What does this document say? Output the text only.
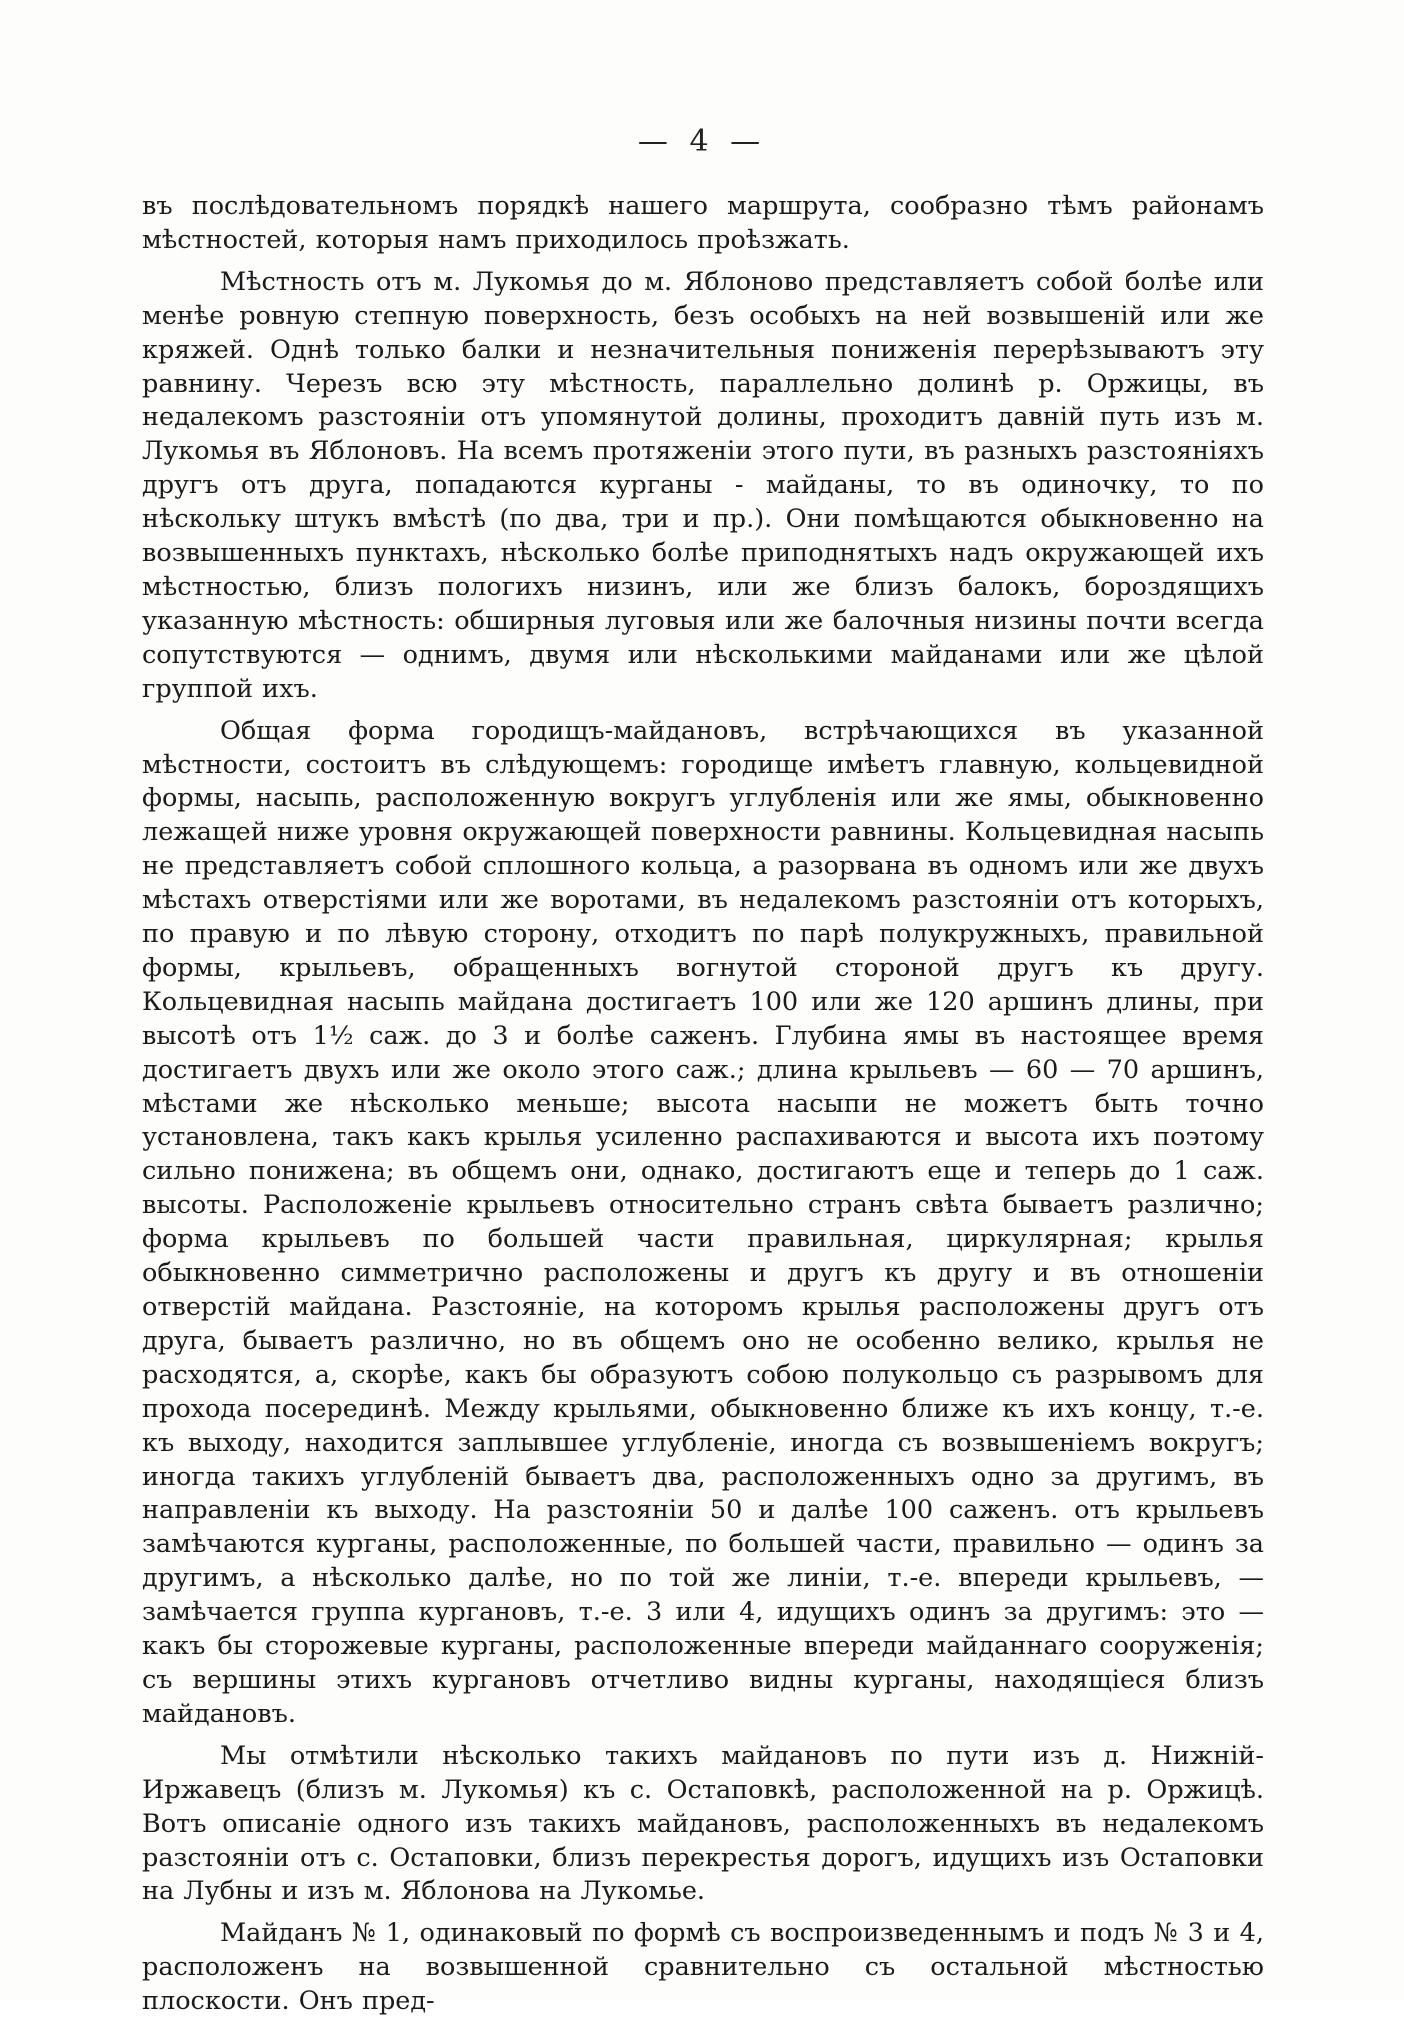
— 4 —

въ послѣдовательномъ порядкѣ нашего маршрута, сообразно тѣмъ районамъ мѣстностей, которыя намъ приходилось проѣзжать.

Мѣстность отъ м. Лукомья до м. Яблоново представляетъ собой болѣе или менѣе ровную степную поверхность, безъ особыхъ на ней возвышенiй или же кряжей. Однѣ только балки и незначительныя пониженiя перерѣзываютъ эту равнину. Черезъ всю эту мѣстность, параллельно долинѣ р. Оржицы, въ недалекомъ разстоянiи отъ упомянутой долины, проходитъ давнiй путь изъ м. Лукомья въ Яблоновъ. На всемъ протяженiи этого пути, въ разныхъ разстоянiяхъ другъ отъ друга, попадаются курганы - майданы, то въ одиночку, то по нѣскольку штукъ вмѣстѣ (по два, три и пр.). Они помѣщаются обыкновенно на возвышенныхъ пунктахъ, нѣсколько болѣе приподнятыхъ надъ окружающей ихъ мѣстностью, близъ пологихъ низинъ, или же близъ балокъ, бороздящихъ указанную мѣстность: обширныя луговыя или же балочныя низины почти всегда сопутствуются — однимъ, двумя или нѣсколькими майданами или же цѣлой группой ихъ.

Общая форма городищъ-майдановъ, встрѣчающихся въ указанной мѣстности, состоитъ въ слѣдующемъ: городище имѣетъ главную, кольцевидной формы, насыпь, расположенную вокругъ углубленiя или же ямы, обыкновенно лежащей ниже уровня окружающей поверхности равнины. Кольцевидная насыпь не представляетъ собой сплошного кольца, а разорвана въ одномъ или же двухъ мѣстахъ отверстiями или же воротами, въ недалекомъ разстоянiи отъ которыхъ, по правую и по лѣвую сторону, отходитъ по парѣ полукружныхъ, правильной формы, крыльевъ, обращенныхъ вогнутой стороной другъ къ другу. Кольцевидная насыпь майдана достигаетъ 100 или же 120 аршинъ длины, при высотѣ отъ 1½ саж. до 3 и болѣе саженъ. Глубина ямы въ настоящее время достигаетъ двухъ или же около этого саж.; длина крыльевъ — 60 — 70 аршинъ, мѣстами же нѣсколько меньше; высота насыпи не можетъ быть точно установлена, такъ какъ крылья усиленно распахиваются и высота ихъ поэтому сильно понижена; въ общемъ они, однако, достигаютъ еще и теперь до 1 саж. высоты. Расположенiе крыльевъ относительно странъ свѣта бываетъ различно; форма крыльевъ по большей части правильная, циркулярная; крылья обыкновенно симметрично расположены и другъ къ другу и въ отношенiи отверстiй майдана. Разстоянiе, на которомъ крылья расположены другъ отъ друга, бываетъ различно, но въ общемъ оно не особенно велико, крылья не расходятся, а, скорѣе, какъ бы образуютъ собою полукольцо съ разрывомъ для прохода посерединѣ. Между крыльями, обыкновенно ближе къ ихъ концу, т.-е. къ выходу, находится заплывшее углубленiе, иногда съ возвышенiемъ вокругъ; иногда такихъ углубленiй бываетъ два, расположенныхъ одно за другимъ, въ направленiи къ выходу. На разстоянiи 50 и далѣе 100 саженъ. отъ крыльевъ замѣчаются курганы, расположенные, по большей части, правильно — одинъ за другимъ, а нѣсколько далѣе, но по той же линiи, т.-е. впереди крыльевъ, — замѣчается группа кургановъ, т.-е. 3 или 4, идущихъ одинъ за другимъ: это — какъ бы сторожевые курганы, расположенные впереди майданнаго сооруженiя; съ вершины этихъ кургановъ отчетливо видны курганы, находящiеся близъ майдановъ.

Мы отмѣтили нѣсколько такихъ майдановъ по пути изъ д. Нижнiй-Иржавецъ (близъ м. Лукомья) къ с. Остаповкѣ, расположенной на р. Оржицѣ. Вотъ описанiе одного изъ такихъ майдановъ, расположенныхъ въ недалекомъ разстоянiи отъ с. Остаповки, близъ перекрестья дорогъ, идущихъ изъ Остаповки на Лубны и изъ м. Яблонова на Лукомье.

Майданъ № 1, одинаковый по формѣ съ воспроизведеннымъ и подъ № 3 и 4, расположенъ на возвышенной сравнительно съ остальной мѣстностью плоскости. Онъ пред-
